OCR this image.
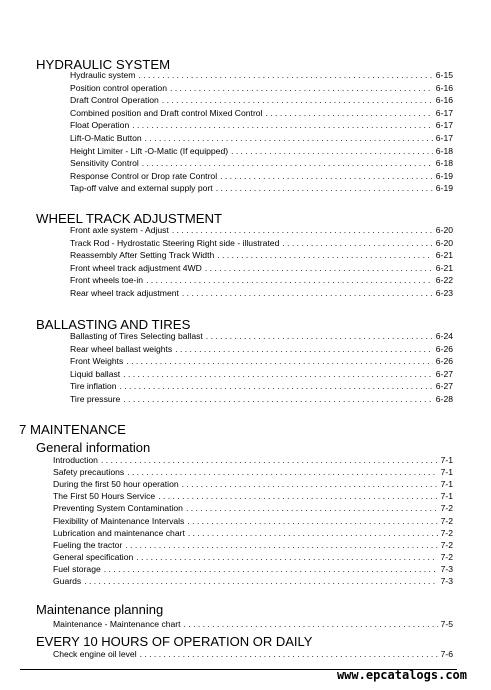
HYDRAULIC SYSTEM
Hydraulic system . . .	6-15
Position control operation . . .	6-16
Draft Control Operation . . .	6-16
Combined position and Draft control Mixed Control . . .	6-17
Float Operation . . .	6-17
Lift-O-Matic Button . . .	6-17
Height Limiter - Lift -O-Matic (If equipped) . . .	6-18
Sensitivity Control . . .	6-18
Response Control or Drop rate Control . . .	6-19
Tap-off valve and external supply port . . .	6-19
WHEEL TRACK ADJUSTMENT
Front axle system - Adjust . . .	6-20
Track Rod - Hydrostatic Steering Right side - illustrated . . .	6-20
Reassembly After Setting Track Width . . .	6-21
Front wheel track adjustment 4WD . . .	6-21
Front wheels toe-in . . .	6-22
Rear wheel track adjustment . . .	6-23
BALLASTING AND TIRES
Ballasting of Tires Selecting ballast . . .	6-24
Rear wheel ballast weights . . .	6-26
Front Weights . . .	6-26
Liquid ballast . . .	6-27
Tire inflation . . .	6-27
Tire pressure . . .	6-28
7 MAINTENANCE
General information
Introduction . . .	7-1
Safety precautions . . .	7-1
During the first 50 hour operation . . .	7-1
The First 50 Hours Service . . .	7-1
Preventing System Contamination . . .	7-2
Flexibility of Maintenance Intervals . . .	7-2
Lubrication and maintenance chart . . .	7-2
Fueling the tractor . . .	7-2
General specification . . .	7-2
Fuel storage . . .	7-3
Guards . . .	7-3
Maintenance planning
Maintenance - Maintenance chart . . .	7-5
EVERY 10 HOURS OF OPERATION OR DAILY
Check engine oil level . . .	7-6
www.epcatalogs.com
